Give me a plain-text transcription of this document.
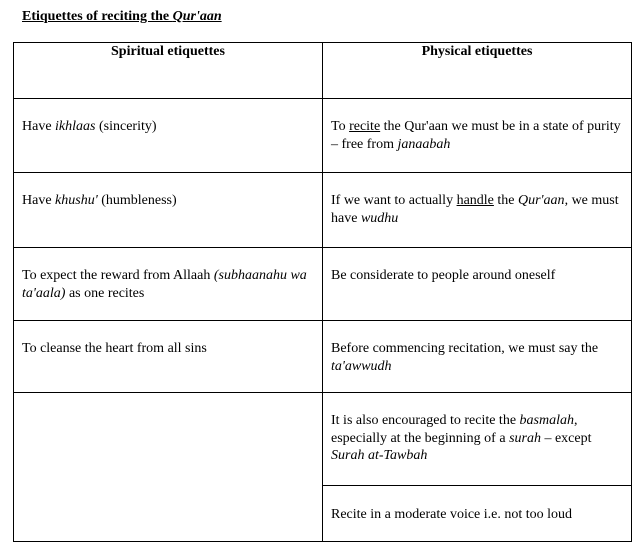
Etiquettes of reciting the Qur'aan
Spiritual etiquettes	Physical etiquettes

Have ikhlaas (sincerity)	To recite the Qur'aan we must be in a state of purity – free from janaabah

Have khushu' (humbleness)	If we want to actually handle the Qur'aan, we must have wudhu

To expect the reward from Allaah (subhaanahu wa ta'aala) as one recites	Be considerate to people around oneself

To cleanse the heart from all sins	Before commencing recitation, we must say the ta'awwudh

	It is also encouraged to recite the basmalah, especially at the beginning of a surah – except Surah at-Tawbah

	Recite in a moderate voice i.e. not too loud
